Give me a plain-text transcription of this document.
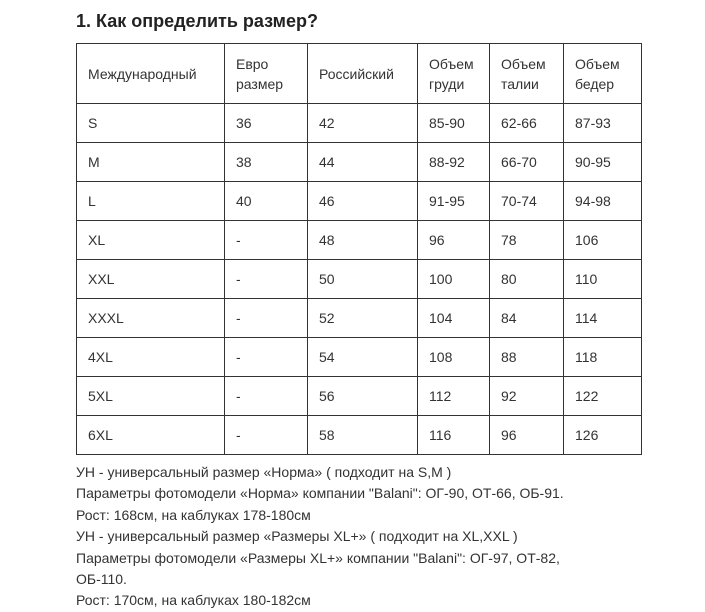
1. Как определить размер?
Международный	Евро размер	Российский	Объем груди	Объем талии	Объем бедер
S	36	42	85-90	62-66	87-93
M	38	44	88-92	66-70	90-95
L	40	46	91-95	70-74	94-98
XL	-	48	96	78	106
XXL	-	50	100	80	110
XXXL	-	52	104	84	114
4XL	-	54	108	88	118
5XL	-	56	112	92	122
6XL	-	58	116	96	126

УН - универсальный размер «Норма» ( подходит на S,M )

Параметры фотомодели «Норма» компании "Balani": ОГ-90, ОТ-66, ОБ-91.

Рост: 168см, на каблуках 178-180см

УН - универсальный размер «Размеры XL+» ( подходит на XL,XXL )

Параметры фотомодели «Размеры XL+» компании "Balani": ОГ-97, ОТ-82,

ОБ-110.

Рост: 170см, на каблуках 180-182см
